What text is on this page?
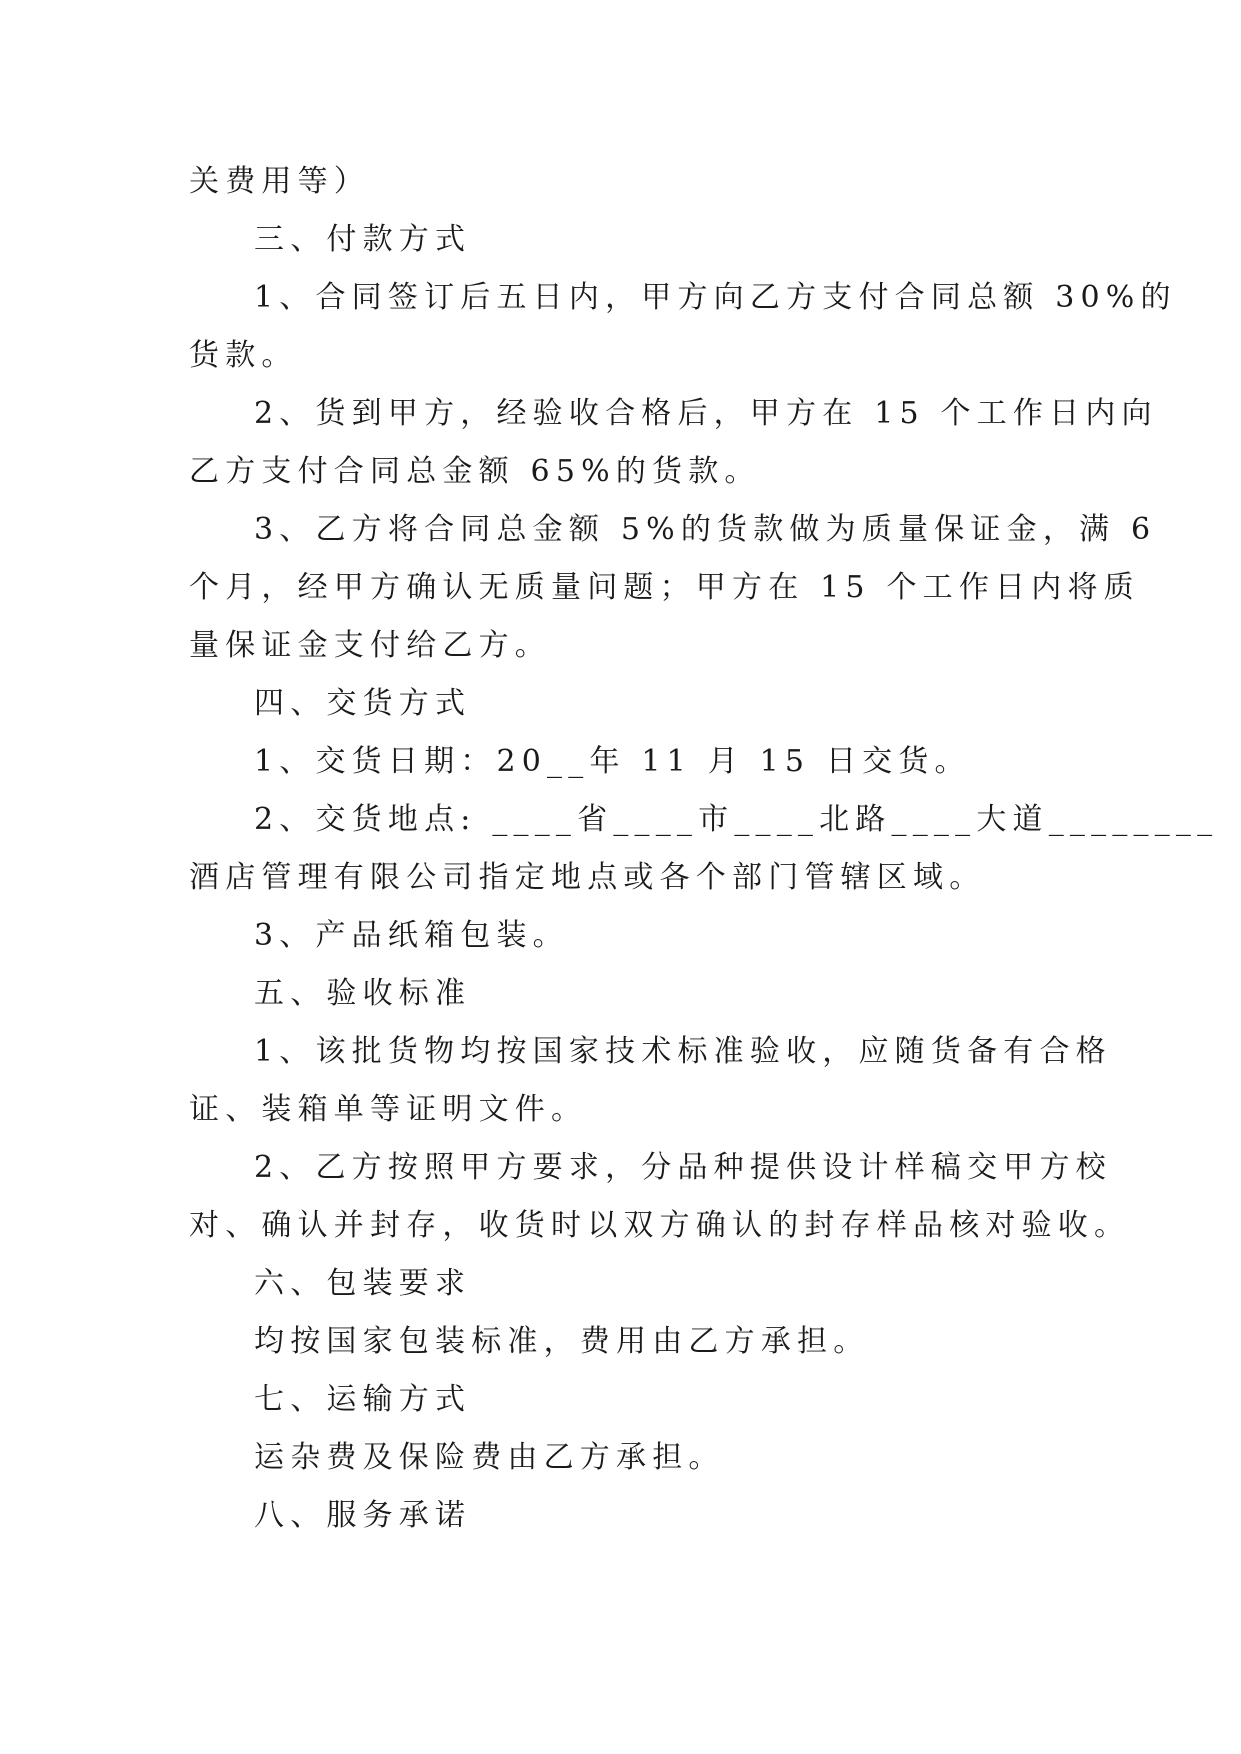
关费用等）

三、付款方式

1、合同签订后五日内，甲方向乙方支付合同总额 30%的

货款。

2、货到甲方，经验收合格后，甲方在 15 个工作日内向

乙方支付合同总金额 65%的货款。

3、乙方将合同总金额 5%的货款做为质量保证金，满 6

个月，经甲方确认无质量问题；甲方在 15 个工作日内将质

量保证金支付给乙方。

四、交货方式

1、交货日期：20__年 11 月 15 日交货。

2、交货地点: ____省____市____北路____大道________

酒店管理有限公司指定地点或各个部门管辖区域。

3、产品纸箱包装。

五、验收标准

1、该批货物均按国家技术标准验收，应随货备有合格

证、装箱单等证明文件。

2、乙方按照甲方要求，分品种提供设计样稿交甲方校

对、确认并封存，收货时以双方确认的封存样品核对验收。

六、包装要求

均按国家包装标准，费用由乙方承担。

七、运输方式

运杂费及保险费由乙方承担。

八、服务承诺
